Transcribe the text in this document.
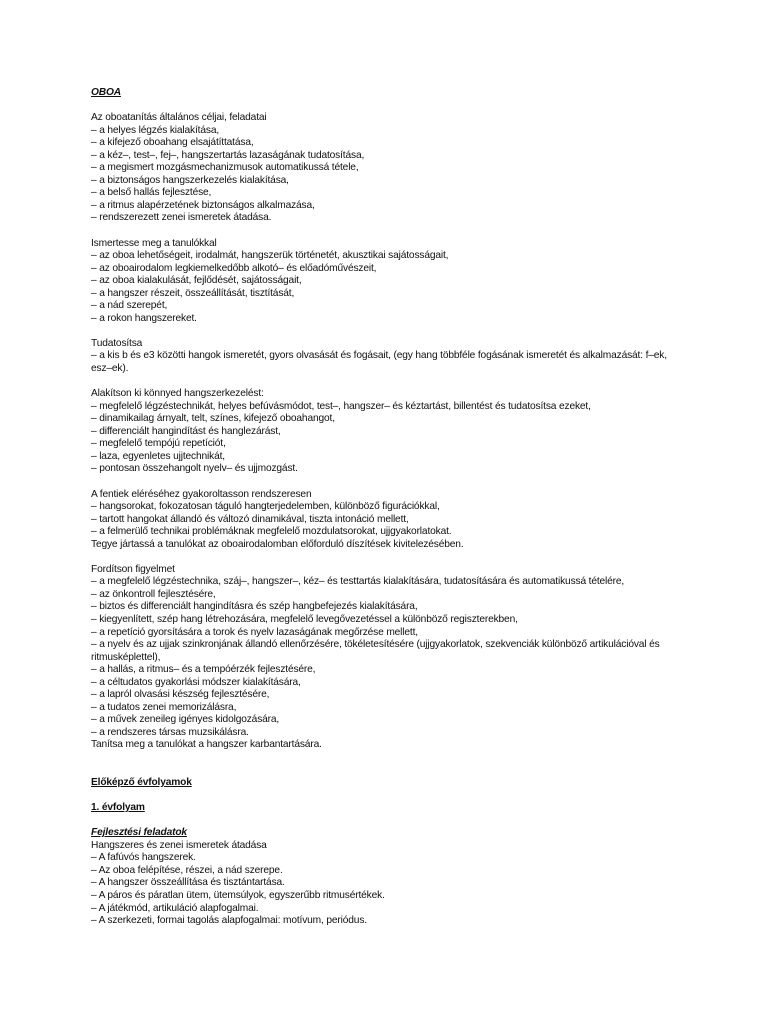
OBOA
Az oboatanítás általános céljai, feladatai
– a helyes légzés kialakítása,
– a kifejező oboahang elsajátíttatása,
– a kéz–, test–, fej–, hangszertartás lazaságának tudatosítása,
– a megismert mozgásmechanizmusok automatikussá tétele,
– a biztonságos hangszerkezelés kialakítása,
– a belső hallás fejlesztése,
– a ritmus alapérzetének biztonságos alkalmazása,
– rendszerezett zenei ismeretek átadása.
Ismertesse meg a tanulókkal
– az oboa lehetőségeit, irodalmát, hangszerük történetét, akusztikai sajátosságait,
– az oboairodalom legkiemelkedőbb alkotó– és előadóművészeit,
– az oboa kialakulását, fejlődését, sajátosságait,
– a hangszer részeit, összeállítását, tisztítását,
– a nád szerepét,
– a rokon hangszereket.
Tudatosítsa
– a kis b és e3 közötti hangok ismeretét, gyors olvasását és fogásait, (egy hang többféle fogásának ismeretét és alkalmazását: f–ek, esz–ek).
Alakítson ki könnyed hangszerkezelést:
– megfelelő légzéstechnikát, helyes befúvásmódot, test–, hangszer– és kéztartást, billentést és tudatosítsa ezeket,
– dinamikailag árnyalt, telt, színes, kifejező oboahangot,
– differenciált hangindítást és hanglezárást,
– megfelelő tempójú repetíciót,
– laza, egyenletes ujjtechnikát,
– pontosan összehangolt nyelv– és ujjmozgást.
A fentiek eléréséhez gyakoroltasson rendszeresen
– hangsorokat, fokozatosan táguló hangterjedelemben, különböző figurációkkal,
– tartott hangokat állandó és változó dinamikával, tiszta intonáció mellett,
– a felmerülő technikai problémáknak megfelelő mozdulatsorokat, ujjgyakorlatokat.
Tegye jártassá a tanulókat az oboairodalomban előforduló díszítések kivitelezésében.
Fordítson figyelmet
– a megfelelő légzéstechnika, száj–, hangszer–, kéz– és testtartás kialakítására, tudatosítására és automatikussá tételére,
– az önkontroll fejlesztésére,
– biztos és differenciált hangindításra és szép hangbefejezés kialakítására,
– kiegyenlített, szép hang létrehozására, megfelelő levegővezetéssel a különböző regiszterekben,
– a repetíció gyorsítására a torok és nyelv lazaságának megőrzése mellett,
– a nyelv és az ujjak szinkronjának állandó ellenőrzésére, tökéletesítésére (ujjgyakorlatok, szekvenciák különböző artikulációval és ritmusképlettel),
– a hallás, a ritmus– és a tempóérzék fejlesztésére,
– a céltudatos gyakorlási módszer kialakítására,
– a lapról olvasási készség fejlesztésére,
– a tudatos zenei memorizálásra,
– a művek zeneileg igényes kidolgozására,
– a rendszeres társas muzsikálásra.
Tanítsa meg a tanulókat a hangszer karbantartására.
Előképző évfolyamok
1. évfolyam
Fejlesztési feladatok
Hangszeres és zenei ismeretek átadása
– A fafúvós hangszerek.
– Az oboa felépítése, részei, a nád szerepe.
– A hangszer összeállítása és tisztántartása.
– A páros és páratlan ütem, ütemsúlyok, egyszerűbb ritmusértékek.
– A játékmód, artikuláció alapfogalmai.
– A szerkezeti, formai tagolás alapfogalmai: motívum, periódus.
